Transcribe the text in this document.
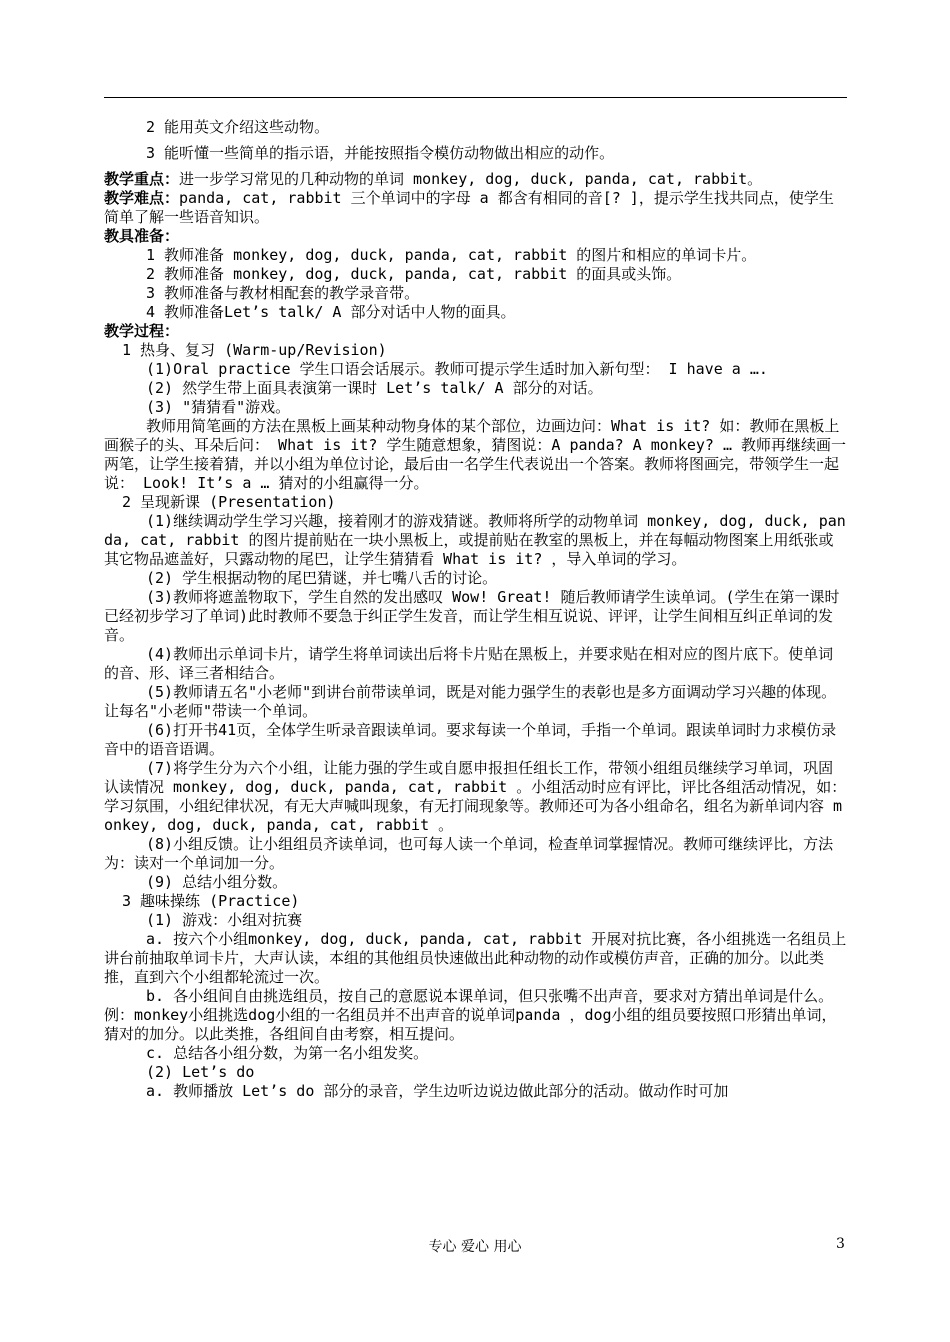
2 能用英文介绍这些动物。

3 能听懂一些简单的指示语，并能按照指令模仿动物做出相应的动作。

教学重点：进一步学习常见的几种动物的单词 monkey, dog, duck, panda, cat, rabbit。

教学难点：panda, cat, rabbit 三个单词中的字母 a 都含有相同的音[? ]，提示学生找共同点，使学生简单了解一些语音知识。

教具准备：

1 教师准备 monkey, dog, duck, panda, cat, rabbit 的图片和相应的单词卡片。

2 教师准备 monkey, dog, duck, panda, cat, rabbit 的面具或头饰。

3 教师准备与教材相配套的教学录音带。

4 教师准备Let’s talk/ A 部分对话中人物的面具。

教学过程：

1 热身、复习 (Warm-up/Revision)

(1)Oral practice 学生口语会话展示。教师可提示学生适时加入新句型： I have a ….

(2) 然学生带上面具表演第一课时 Let’s talk/ A 部分的对话。

(3) "猜猜看"游戏。

教师用简笔画的方法在黑板上画某种动物身体的某个部位，边画边问：What is it? 如：教师在黑板上画猴子的头、耳朵后问： What is it? 学生随意想象，猜图说：A panda? A monkey? … 教师再继续画一两笔，让学生接着猜，并以小组为单位讨论，最后由一名学生代表说出一个答案。教师将图画完，带领学生一起说： Look! It’s a … 猜对的小组赢得一分。

2 呈现新课 (Presentation)

(1)继续调动学生学习兴趣，接着刚才的游戏猜谜。教师将所学的动物单词 monkey, dog, duck, panda, cat, rabbit 的图片提前贴在一块小黑板上，或提前贴在教室的黑板上，并在每幅动物图案上用纸张或其它物品遮盖好，只露动物的尾巴，让学生猜猜看 What is it? ，导入单词的学习。

(2) 学生根据动物的尾巴猜谜，并七嘴八舌的讨论。

(3)教师将遮盖物取下，学生自然的发出感叹 Wow! Great! 随后教师请学生读单词。(学生在第一课时已经初步学习了单词)此时教师不要急于纠正学生发音，而让学生相互说说、评评，让学生间相互纠正单词的发音。

(4)教师出示单词卡片，请学生将单词读出后将卡片贴在黑板上，并要求贴在相对应的图片底下。使单词的音、形、译三者相结合。

(5)教师请五名"小老师"到讲台前带读单词，既是对能力强学生的表彰也是多方面调动学习兴趣的体现。让每名"小老师"带读一个单词。

(6)打开书41页，全体学生听录音跟读单词。要求每读一个单词，手指一个单词。跟读单词时力求模仿录音中的语音语调。

(7)将学生分为六个小组，让能力强的学生或自愿申报担任组长工作，带领小组组员继续学习单词，巩固认读情况 monkey, dog, duck, panda, cat, rabbit 。小组活动时应有评比，评比各组活动情况，如：学习氛围，小组纪律状况，有无大声喊叫现象，有无打闹现象等。教师还可为各小组命名，组名为新单词内容 monkey, dog, duck, panda, cat, rabbit 。

(8)小组反馈。让小组组员齐读单词，也可每人读一个单词，检查单词掌握情况。教师可继续评比，方法为：读对一个单词加一分。

(9) 总结小组分数。

3 趣味操练 (Practice)

(1) 游戏：小组对抗赛

a. 按六个小组monkey, dog, duck, panda, cat, rabbit 开展对抗比赛，各小组挑选一名组员上讲台前抽取单词卡片，大声认读，本组的其他组员快速做出此种动物的动作或模仿声音，正确的加分。以此类推，直到六个小组都轮流过一次。

b. 各小组间自由挑选组员，按自己的意愿说本课单词，但只张嘴不出声音，要求对方猜出单词是什么。例：monkey小组挑选dog小组的一名组员并不出声音的说单词panda ，dog小组的组员要按照口形猜出单词，猜对的加分。以此类推，各组间自由考察，相互提问。

c. 总结各小组分数，为第一名小组发奖。

(2) Let’s do

a. 教师播放 Let’s do 部分的录音，学生边听边说边做此部分的活动。做动作时可加

专心 爱心 用心	3
